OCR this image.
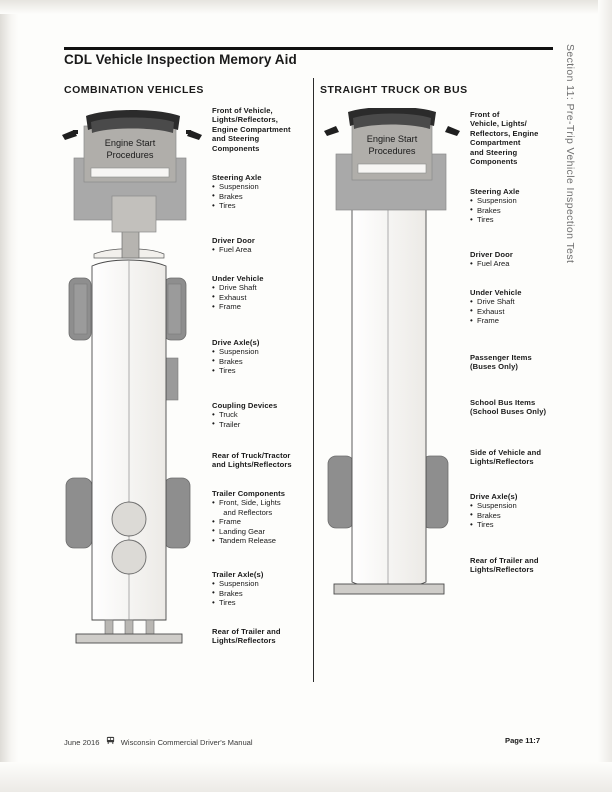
Section 11: Pre-Trip Vehicle Inspection Test
CDL Vehicle Inspection Memory Aid
COMBINATION VEHICLES	STRAIGHT TRUCK OR BUS
Engine Start
Procedures
Engine Start
Procedures
Front of Vehicle,
Lights/Reflectors,
Engine Compartment
and Steering
Components
Steering Axle
• Suspension
• Brakes
• Tires
Driver Door
• Fuel Area
Under Vehicle
• Drive Shaft
• Exhaust
• Frame
Drive Axle(s)
• Suspension
• Brakes
• Tires
Coupling Devices
• Truck
• Trailer
Rear of Truck/Tractor
and Lights/Reflectors
Trailer Components
• Front, Side, Lights

and Reflectors
• Frame
• Landing Gear
• Tandem Release
Trailer Axle(s)
• Suspension
• Brakes
• Tires
Rear of Trailer and
Lights/Reflectors
Front of
Vehicle, Lights/
Reflectors, Engine
Compartment
and Steering
Components
Steering Axle
• Suspension
• Brakes
• Tires
Driver Door
• Fuel Area
Under Vehicle
• Drive Shaft
• Exhaust
• Frame
Passenger Items
(Buses Only)
School Bus Items
(School Buses Only)
Side of Vehicle and
Lights/Reflectors
Drive Axle(s)
• Suspension
• Brakes
• Tires
Rear of Trailer and
Lights/Reflectors
June 2016	Wisconsin Commercial Driver's Manual	Page 11:7
